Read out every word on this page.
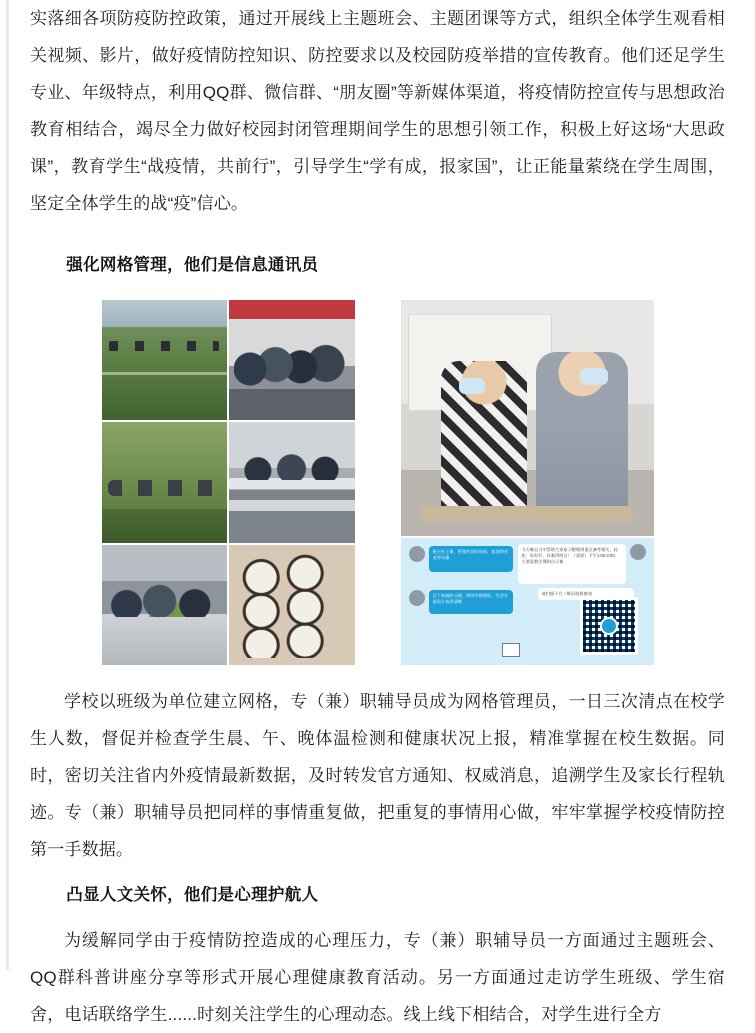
实落细各项防疫防控政策，通过开展线上主题班会、主题团课等方式，组织全体学生观看相关视频、影片，做好疫情防控知识、防控要求以及校园防疫举措的宣传教育。他们还足学生专业、年级特点，利用QQ群、微信群、“朋友圈”等新媒体渠道，将疫情防控宣传与思想政治教育相结合，竭尽全力做好校园封闭管理期间学生的思想引领工作，积极上好这场“大思政课”，教育学生“战疫情，共前行”，引导学生“学有成，报家国”，让正能量萦绕在学生周围，坚定全体学生的战“疫”信心。

强化网格管理，他们是信息通讯员
班主任上课，管理作息时间表，加油利亚老师头像
今天晚自习中帮助大家复习整理到重点备考相关，轻松：好好好，好难得明白！（需要）下午1:00-3:00，主要是数学课和自习课
记下来做的分便，明明学情绪好，生活开展同分布得清晰
请扫描下方二维码加群参加

学校以班级为单位建立网格，专（兼）职辅导员成为网格管理员，一日三次清点在校学生人数，督促并检查学生晨、午、晚体温检测和健康状况上报，精准掌握在校生数据。同时，密切关注省内外疫情最新数据，及时转发官方通知、权威消息，追溯学生及家长行程轨迹。专（兼）职辅导员把同样的事情重复做，把重复的事情用心做，牢牢掌握学校疫情防控第一手数据。

凸显人文关怀，他们是心理护航人

为缓解同学由于疫情防控造成的心理压力，专（兼）职辅导员一方面通过主题班会、QQ群科普讲座分享等形式开展心理健康教育活动。另一方面通过走访学生班级、学生宿舍，电话联络学生......时刻关注学生的心理动态。线上线下相结合，对学生进行全方
